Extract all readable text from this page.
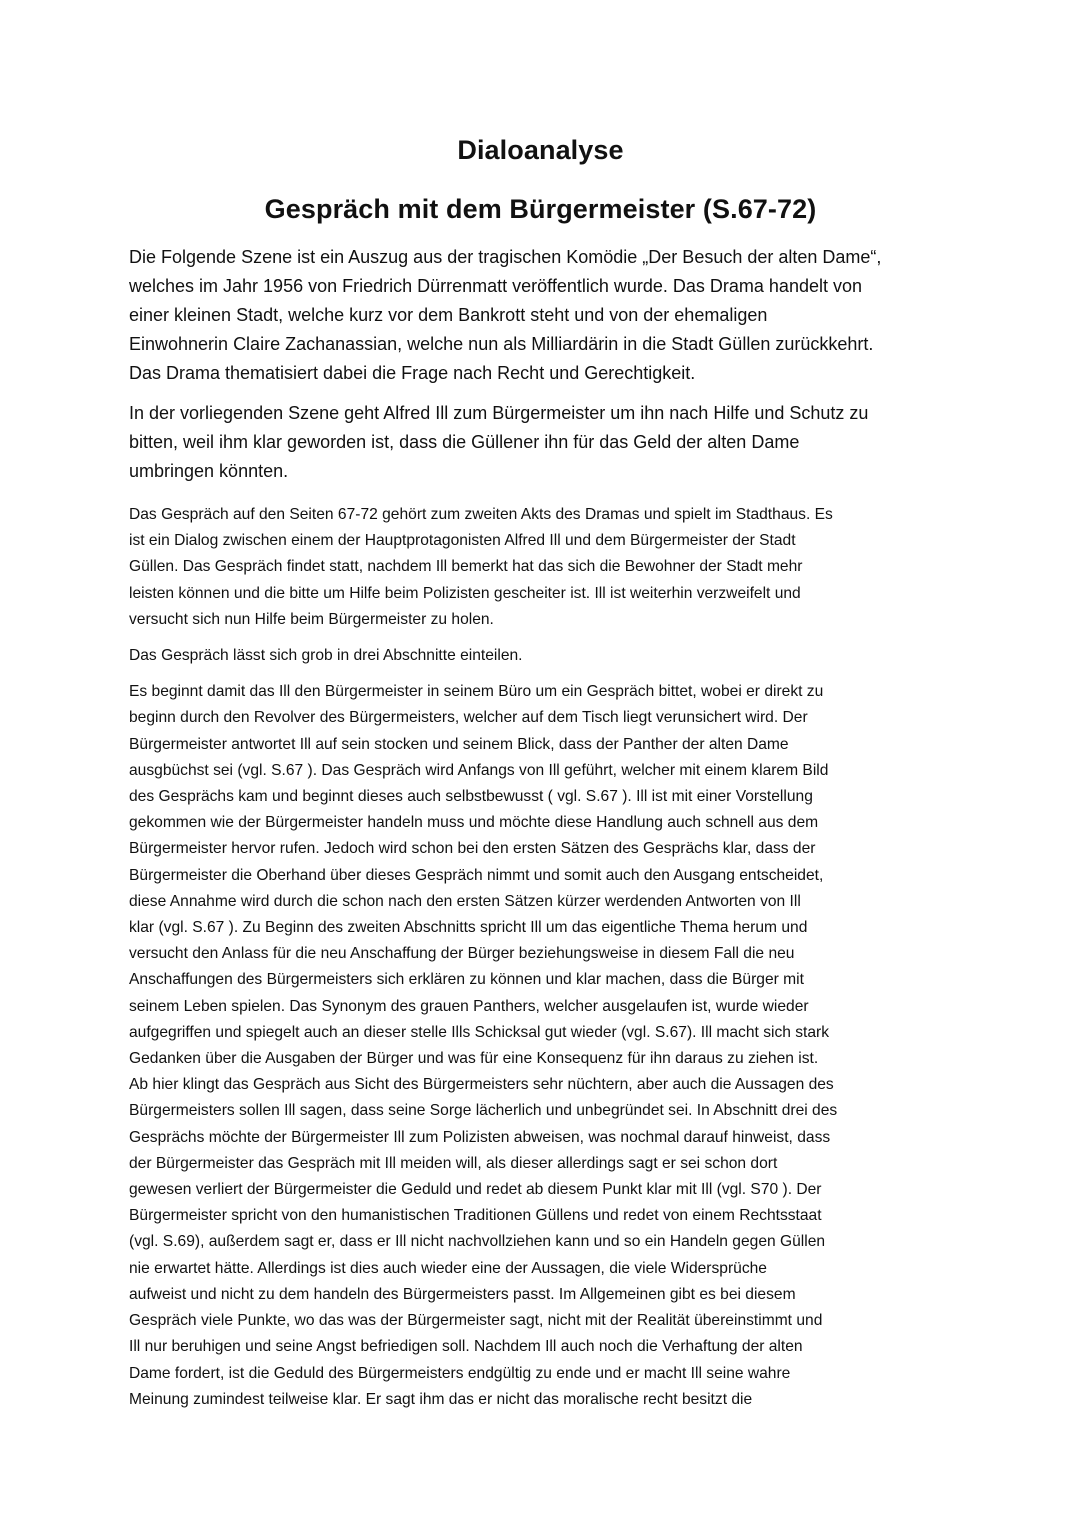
Dialoanalyse
Gespräch mit dem Bürgermeister (S.67-72)

Die Folgende Szene ist ein Auszug aus der tragischen Komödie „Der Besuch der alten Dame“,
welches im Jahr 1956 von Friedrich Dürrenmatt veröffentlich wurde. Das Drama handelt von
einer kleinen Stadt, welche kurz vor dem Bankrott steht und von der ehemaligen
Einwohnerin Claire Zachanassian, welche nun als Milliardärin in die Stadt Güllen zurückkehrt.
Das Drama thematisiert dabei die Frage nach Recht und Gerechtigkeit.

In der vorliegenden Szene geht Alfred Ill zum Bürgermeister um ihn nach Hilfe und Schutz zu
bitten, weil ihm klar geworden ist, dass die Güllener ihn für das Geld der alten Dame
umbringen könnten.

Das Gespräch auf den Seiten 67-72 gehört zum zweiten Akts des Dramas und spielt im Stadthaus. Es
ist ein Dialog zwischen einem der Hauptprotagonisten Alfred Ill und dem Bürgermeister der Stadt
Güllen. Das Gespräch findet statt, nachdem Ill bemerkt hat das sich die Bewohner der Stadt mehr
leisten können und die bitte um Hilfe beim Polizisten gescheiter ist. Ill ist weiterhin verzweifelt und
versucht sich nun Hilfe beim Bürgermeister zu holen.

Das Gespräch lässt sich grob in drei Abschnitte einteilen.

Es beginnt damit das Ill den Bürgermeister in seinem Büro um ein Gespräch bittet, wobei er direkt zu
beginn durch den Revolver des Bürgermeisters, welcher auf dem Tisch liegt verunsichert wird. Der
Bürgermeister antwortet Ill auf sein stocken und seinem Blick, dass der Panther der alten Dame
ausgbüchst sei (vgl. S.67 ). Das Gespräch wird Anfangs von Ill geführt, welcher mit einem klarem Bild
des Gesprächs kam und beginnt dieses auch selbstbewusst ( vgl. S.67 ). Ill ist mit einer Vorstellung
gekommen wie der Bürgermeister handeln muss und möchte diese Handlung auch schnell aus dem
Bürgermeister hervor rufen. Jedoch wird schon bei den ersten Sätzen des Gesprächs klar, dass der
Bürgermeister die Oberhand über dieses Gespräch nimmt und somit auch den Ausgang entscheidet,
diese Annahme wird durch die schon nach den ersten Sätzen kürzer werdenden Antworten von Ill
klar (vgl. S.67 ). Zu Beginn des zweiten Abschnitts spricht Ill um das eigentliche Thema herum und
versucht den Anlass für die neu Anschaffung der Bürger beziehungsweise in diesem Fall die neu
Anschaffungen des Bürgermeisters sich erklären zu können und klar machen, dass die Bürger mit
seinem Leben spielen. Das Synonym des grauen Panthers, welcher ausgelaufen ist, wurde wieder
aufgegriffen und spiegelt auch an dieser stelle Ills Schicksal gut wieder (vgl. S.67). Ill macht sich stark
Gedanken über die Ausgaben der Bürger und was für eine Konsequenz für ihn daraus zu ziehen ist.
Ab hier klingt das Gespräch aus Sicht des Bürgermeisters sehr nüchtern, aber auch die Aussagen des
Bürgermeisters sollen Ill sagen, dass seine Sorge lächerlich und unbegründet sei. In Abschnitt drei des
Gesprächs möchte der Bürgermeister Ill zum Polizisten abweisen, was nochmal darauf hinweist, dass
der Bürgermeister das Gespräch mit Ill meiden will, als dieser allerdings sagt er sei schon dort
gewesen verliert der Bürgermeister die Geduld und redet ab diesem Punkt klar mit Ill (vgl. S70 ). Der
Bürgermeister spricht von den humanistischen Traditionen Güllens und redet von einem Rechtsstaat
(vgl. S.69), außerdem sagt er, dass er Ill nicht nachvollziehen kann und so ein Handeln gegen Güllen
nie erwartet hätte. Allerdings ist dies auch wieder eine der Aussagen, die viele Widersprüche
aufweist und nicht zu dem handeln des Bürgermeisters passt. Im Allgemeinen gibt es bei diesem
Gespräch viele Punkte, wo das was der Bürgermeister sagt, nicht mit der Realität übereinstimmt und
Ill nur beruhigen und seine Angst befriedigen soll. Nachdem Ill auch noch die Verhaftung der alten
Dame fordert, ist die Geduld des Bürgermeisters endgültig zu ende und er macht Ill seine wahre
Meinung zumindest teilweise klar. Er sagt ihm das er nicht das moralische recht besitzt die
